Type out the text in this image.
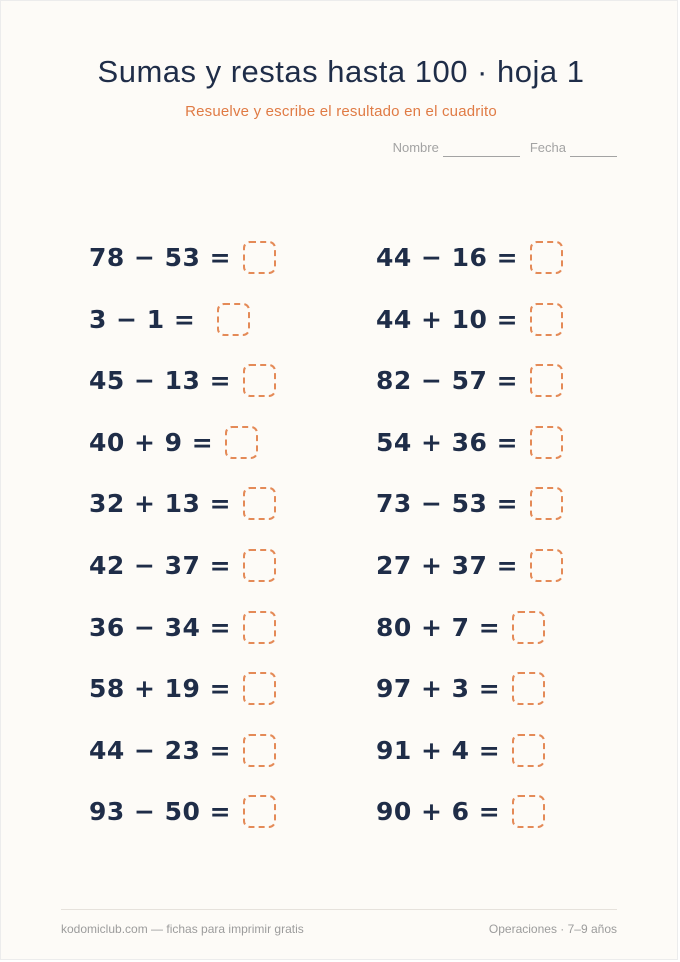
Sumas y restas hasta 100 · hoja 1
Resuelve y escribe el resultado en el cuadrito
Nombre	Fecha
78 − 53 =
3 − 1 =
45 − 13 =
40 + 9 =
32 + 13 =
42 − 37 =
36 − 34 =
58 + 19 =
44 − 23 =
93 − 50 =
44 − 16 =
44 + 10 =
82 − 57 =
54 + 36 =
73 − 53 =
27 + 37 =
80 + 7 =
97 + 3 =
91 + 4 =
90 + 6 =
kodomiclub.com — fichas para imprimir gratis	Operaciones · 7–9 años
